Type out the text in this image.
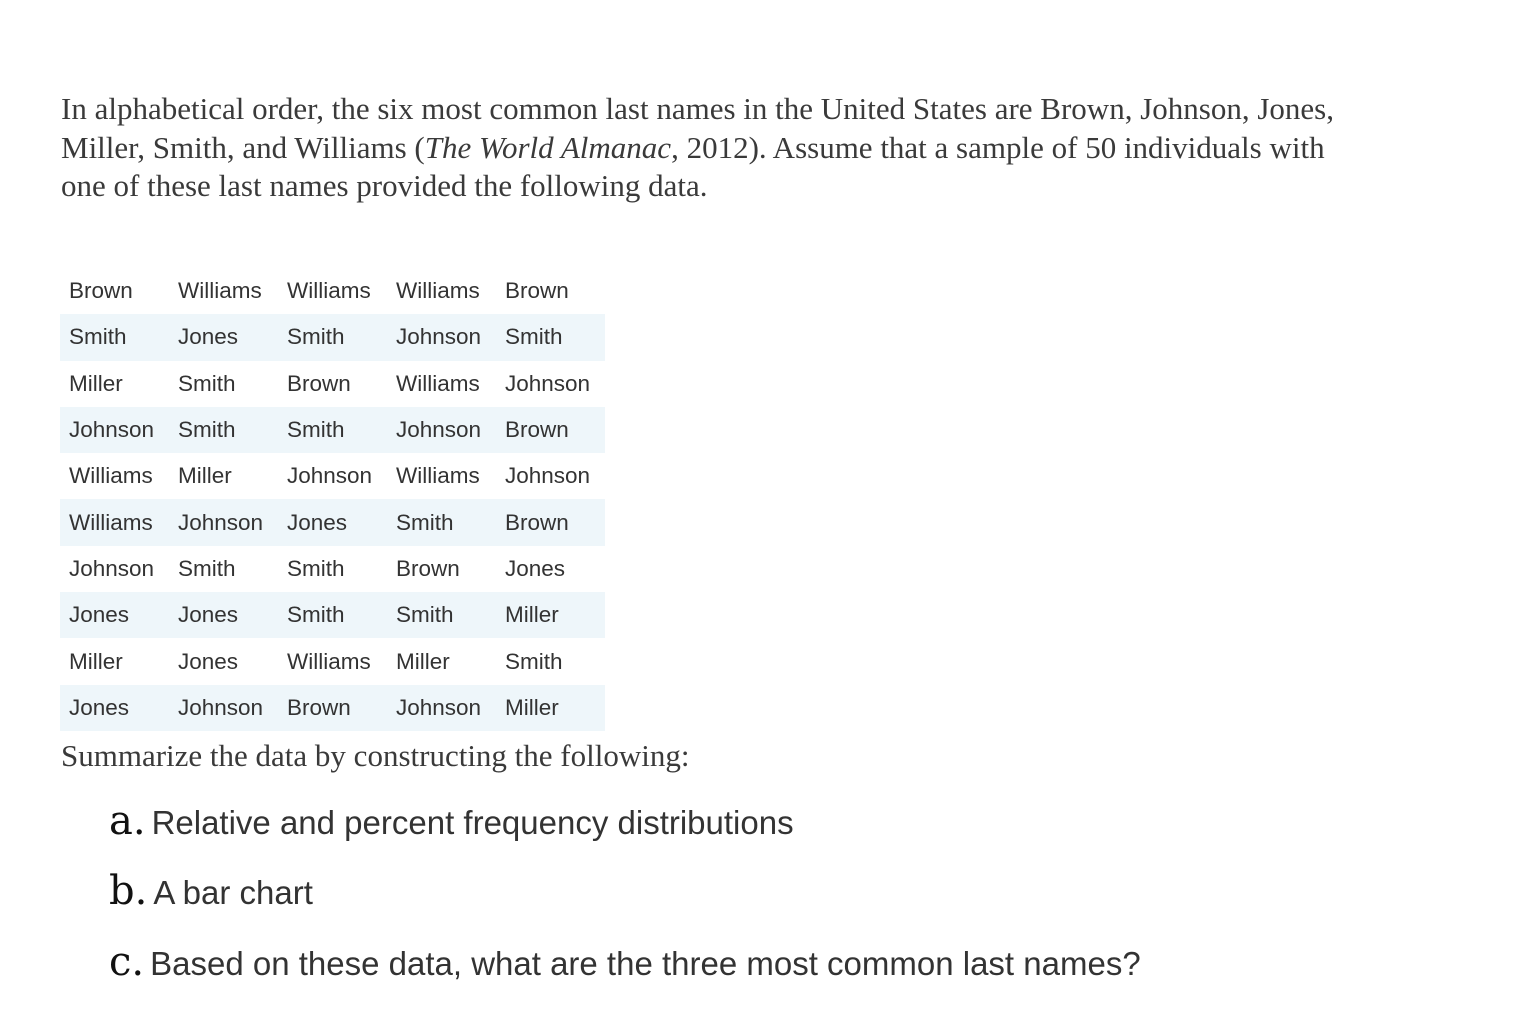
In alphabetical order, the six most common last names in the United States are Brown, Johnson, Jones, Miller, Smith, and Williams (The World Almanac, 2012). Assume that a sample of 50 individuals with one of these last names provided the following data.

Brown	Williams	Williams	Williams	Brown
Smith	Jones	Smith	Johnson	Smith
Miller	Smith	Brown	Williams	Johnson
Johnson	Smith	Smith	Johnson	Brown
Williams	Miller	Johnson	Williams	Johnson
Williams	Johnson	Jones	Smith	Brown
Johnson	Smith	Smith	Brown	Jones
Jones	Jones	Smith	Smith	Miller
Miller	Jones	Williams	Miller	Smith
Jones	Johnson	Brown	Johnson	Miller

Summarize the data by constructing the following:

a. Relative and percent frequency distributions
b. A bar chart
c. Based on these data, what are the three most common last names?
